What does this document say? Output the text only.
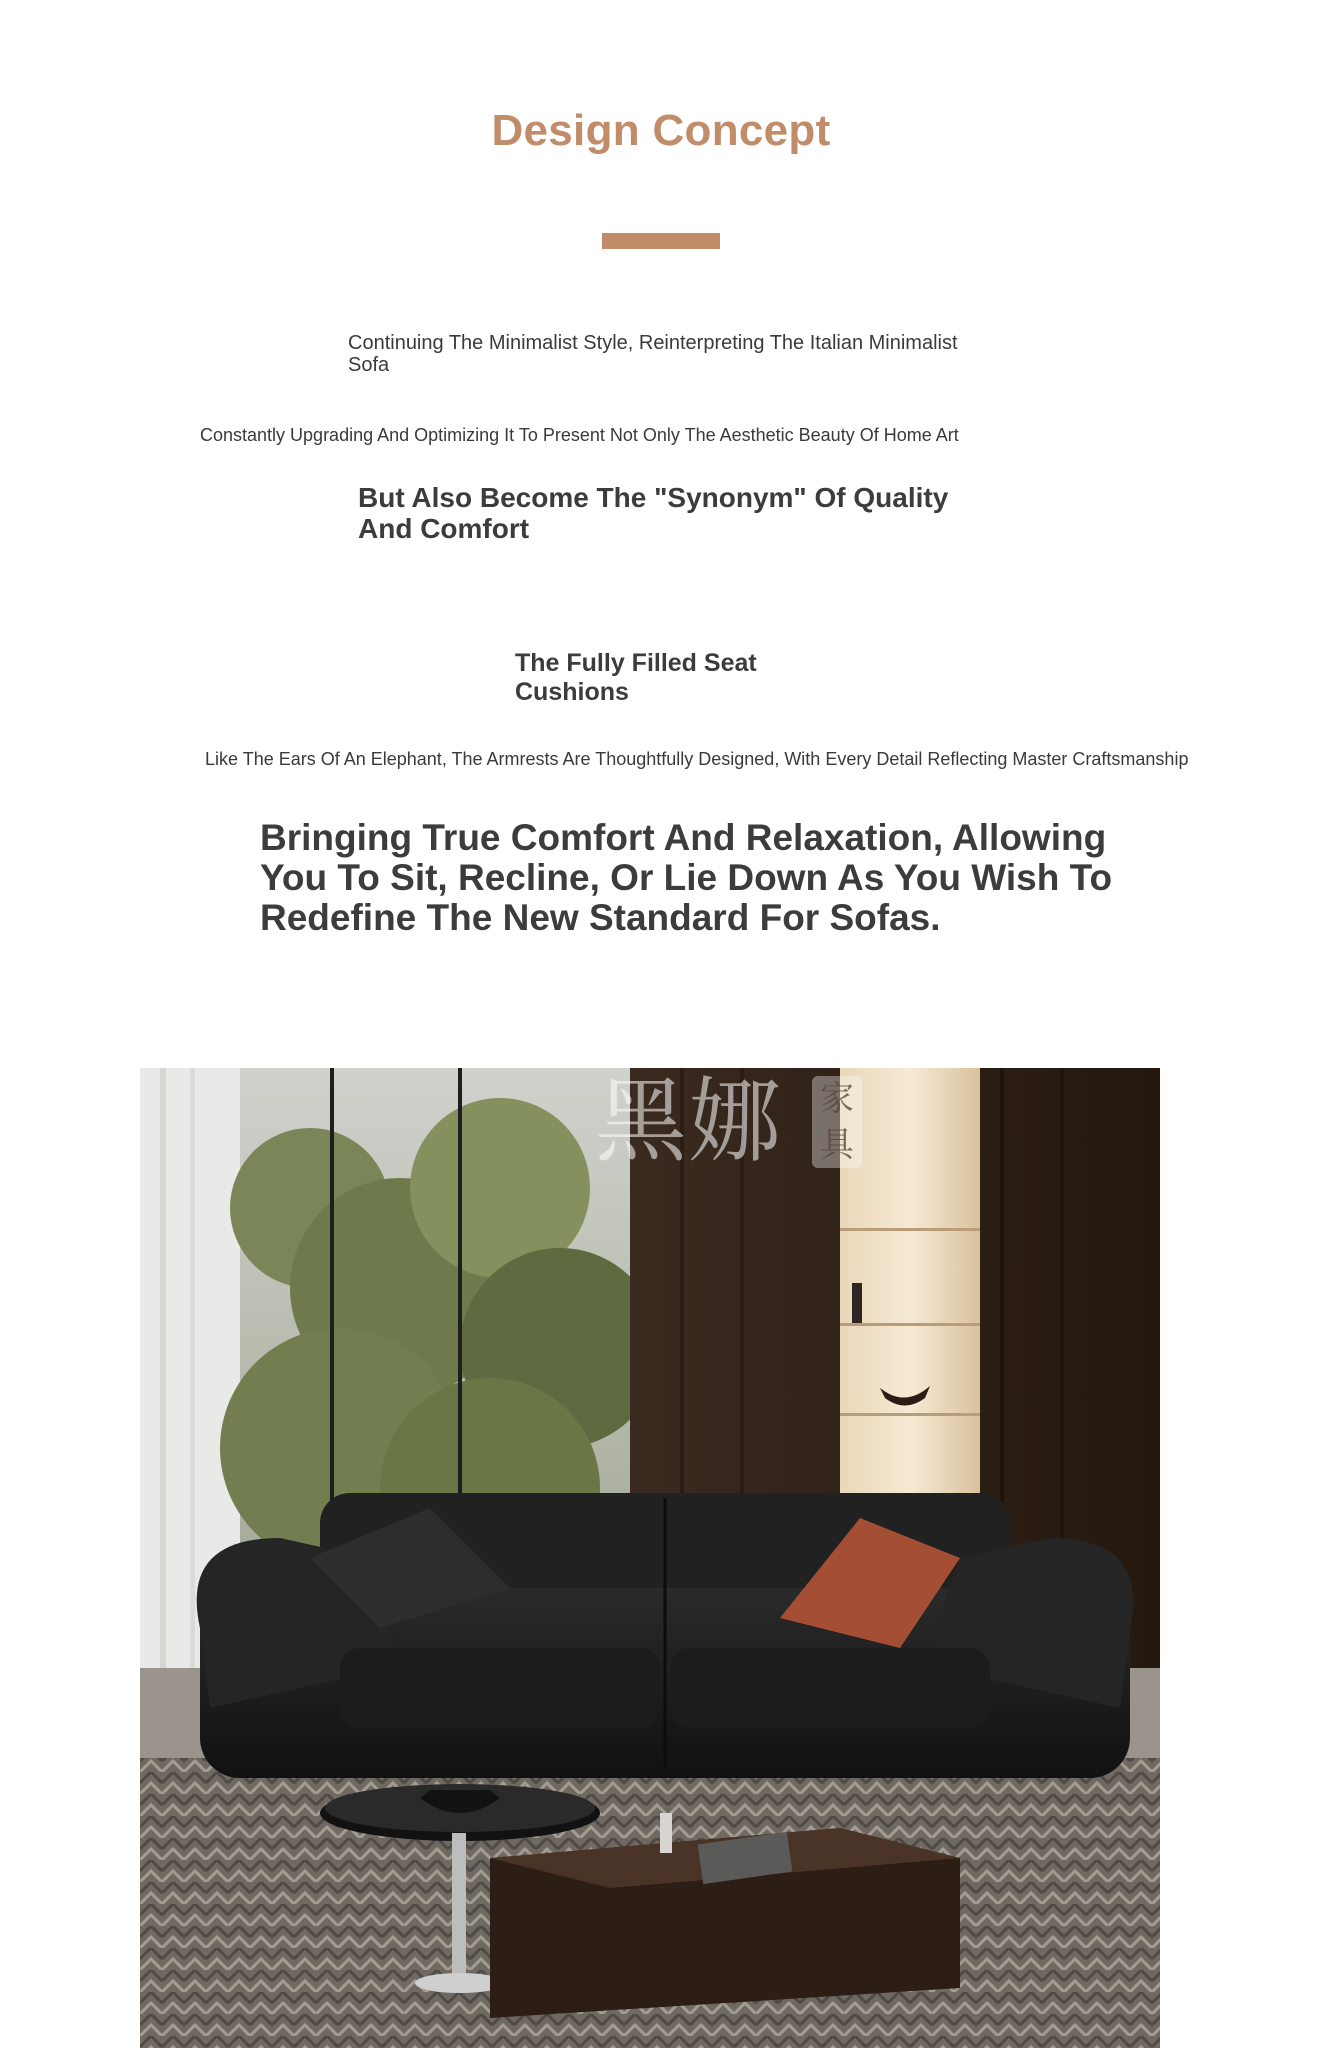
Design Concept

Continuing The Minimalist Style, Reinterpreting The Italian Minimalist Sofa

Constantly Upgrading And Optimizing It To Present Not Only The Aesthetic Beauty Of Home Art

But Also Become The "Synonym" Of Quality And Comfort

The Fully Filled Seat Cushions

Like The Ears Of An Elephant, The Armrests Are Thoughtfully Designed, With Every Detail Reflecting Master Craftsmanship

Bringing True Comfort And Relaxation, Allowing You To Sit, Recline, Or Lie Down As You Wish To Redefine The New Standard For Sofas.

黑娜 家具
